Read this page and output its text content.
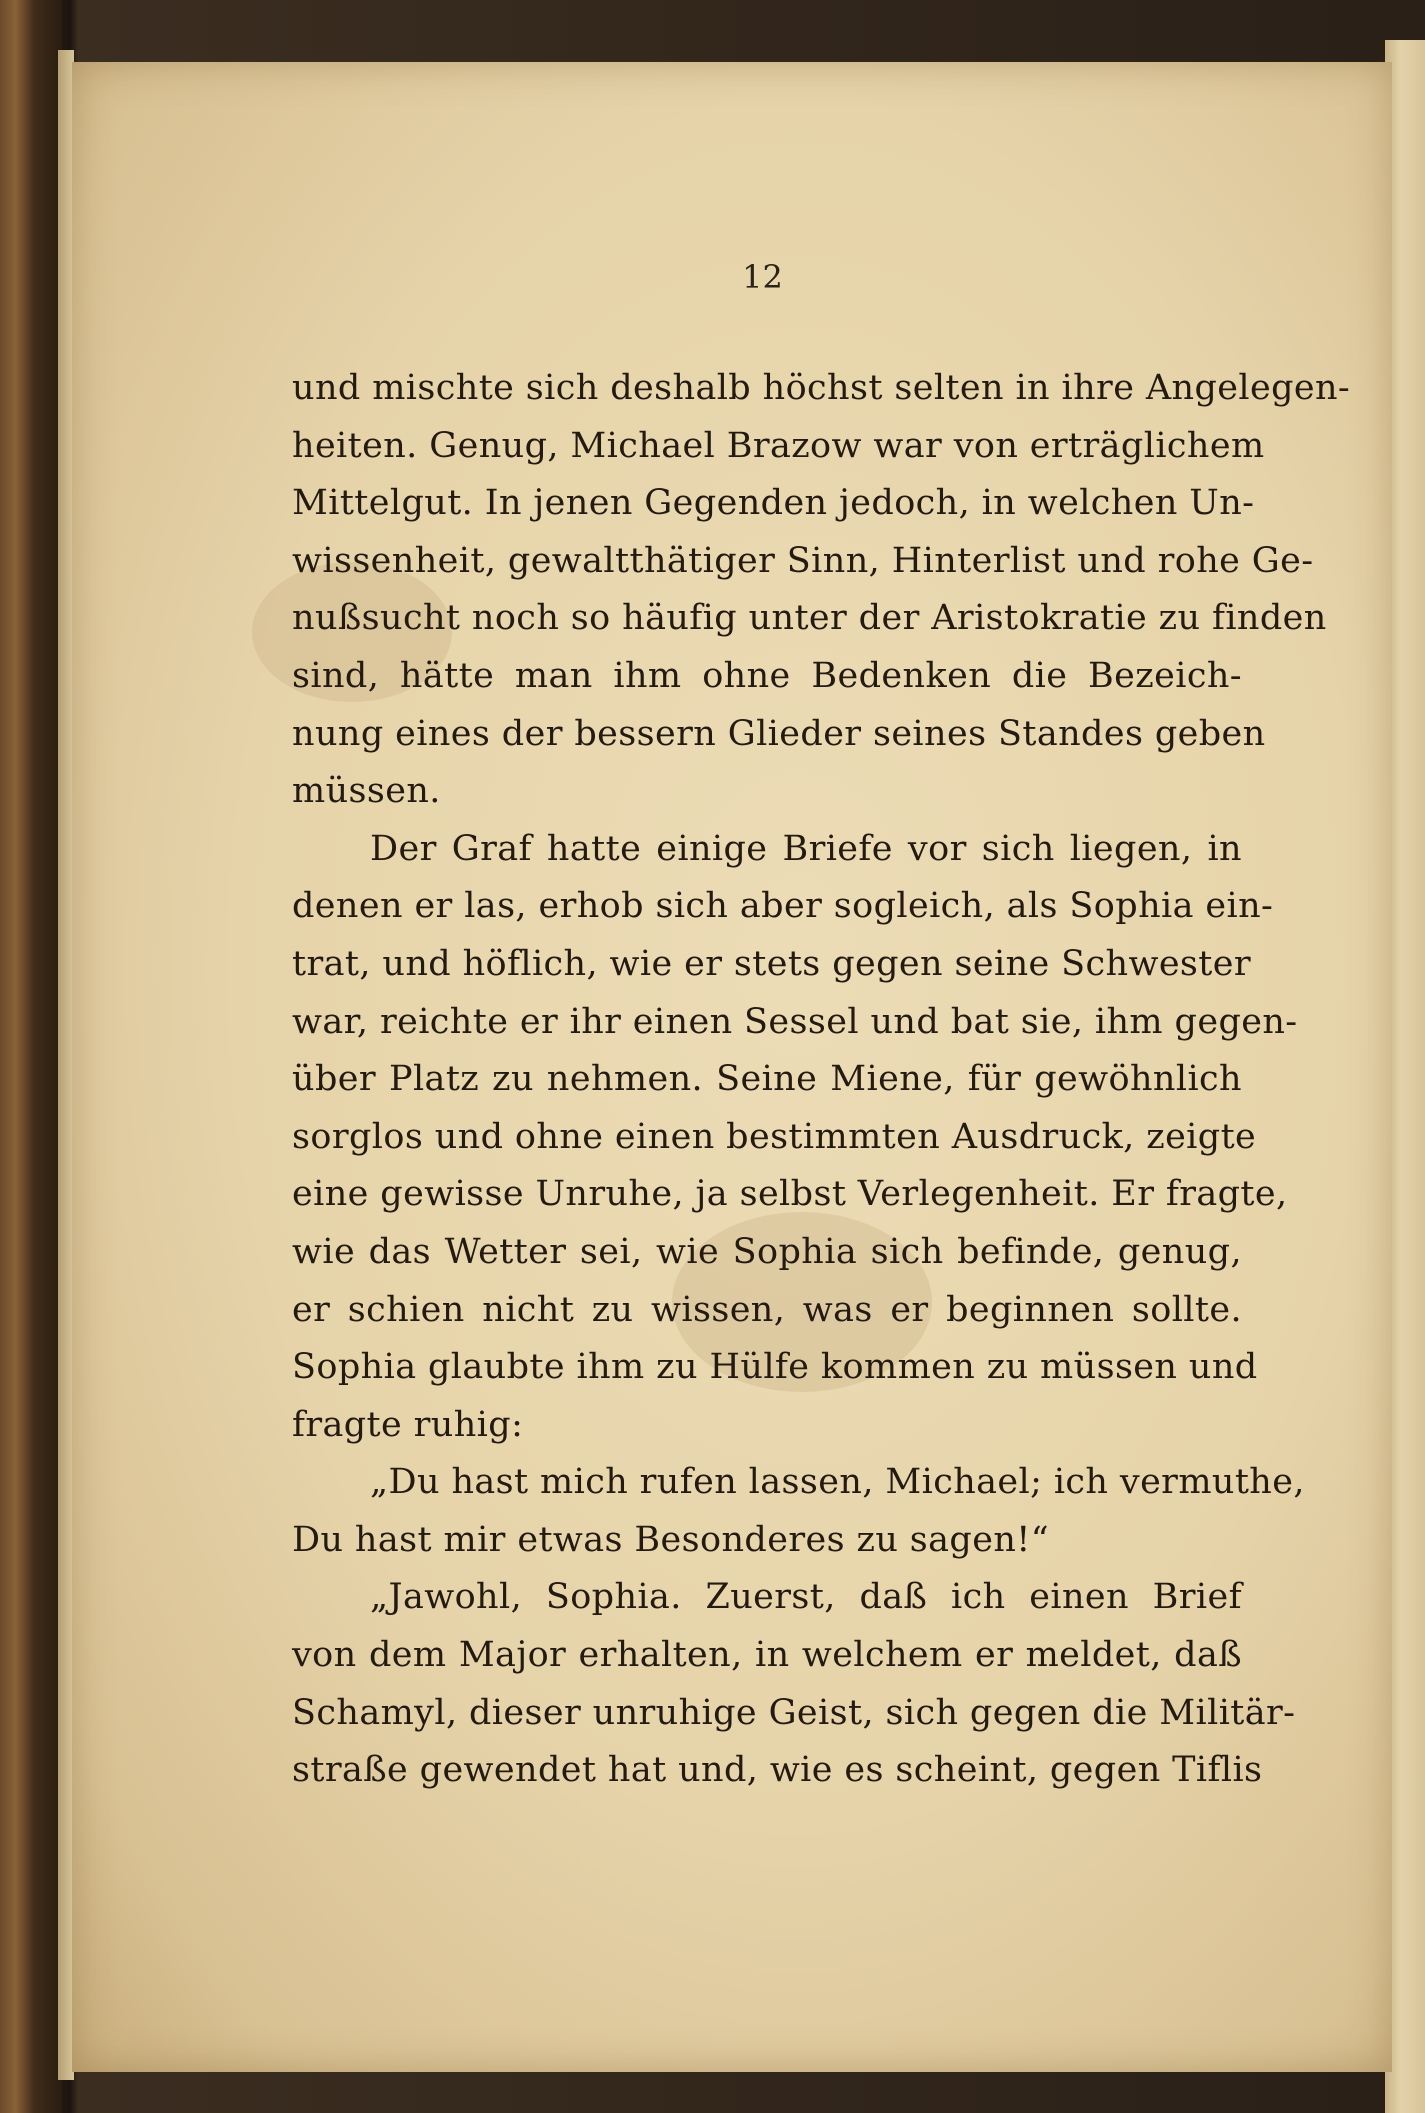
12
und mischte sich deshalb höchst selten in ihre Angelegen-
heiten. Genug, Michael Brazow war von erträglichem
Mittelgut. In jenen Gegenden jedoch, in welchen Un-
wissenheit, gewaltthätiger Sinn, Hinterlist und rohe Ge-
nußsucht noch so häufig unter der Aristokratie zu finden
sind, hätte man ihm ohne Bedenken die Bezeich-
nung eines der bessern Glieder seines Standes geben
müssen.
Der Graf hatte einige Briefe vor sich liegen, in
denen er las, erhob sich aber sogleich, als Sophia ein-
trat, und höflich, wie er stets gegen seine Schwester
war, reichte er ihr einen Sessel und bat sie, ihm gegen-
über Platz zu nehmen. Seine Miene, für gewöhnlich
sorglos und ohne einen bestimmten Ausdruck, zeigte
eine gewisse Unruhe, ja selbst Verlegenheit. Er fragte,
wie das Wetter sei, wie Sophia sich befinde, genug,
er schien nicht zu wissen, was er beginnen sollte.
Sophia glaubte ihm zu Hülfe kommen zu müssen und
fragte ruhig:
„Du hast mich rufen lassen, Michael; ich vermuthe,
Du hast mir etwas Besonderes zu sagen!“
„Jawohl, Sophia. Zuerst, daß ich einen Brief
von dem Major erhalten, in welchem er meldet, daß
Schamyl, dieser unruhige Geist, sich gegen die Militär-
straße gewendet hat und, wie es scheint, gegen Tiflis
